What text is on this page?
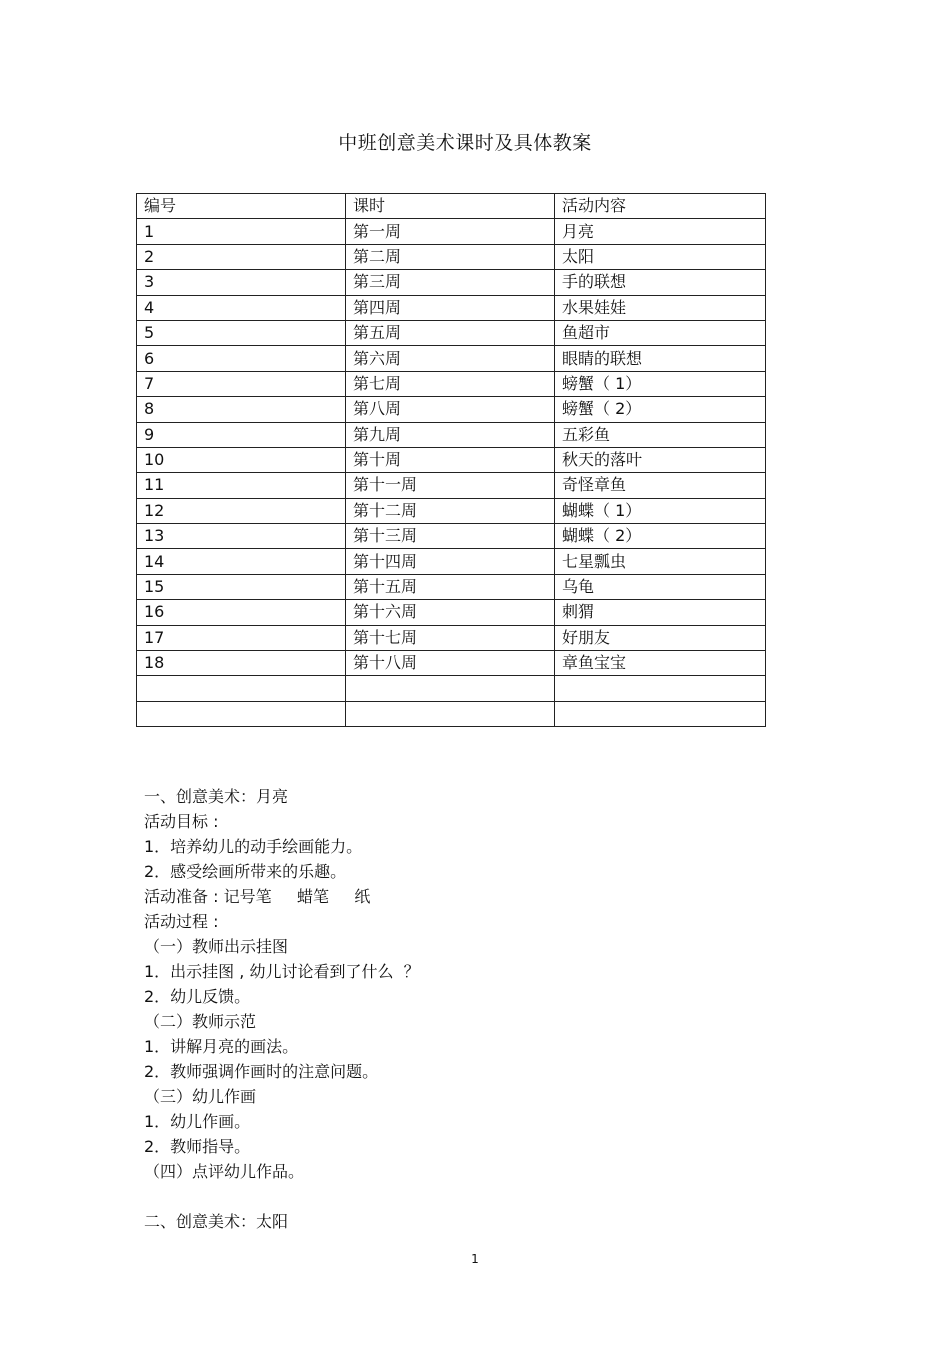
中班创意美术课时及具体教案
编号	课时	活动内容
1	第一周	月亮
2	第二周	太阳
3	第三周	手的联想
4	第四周	水果娃娃
5	第五周	鱼超市
6	第六周	眼睛的联想
7	第七周	螃蟹（ 1）
8	第八周	螃蟹（ 2）
9	第九周	五彩鱼
10	第十周	秋天的落叶
11	第十一周	奇怪章鱼
12	第十二周	蝴蝶（ 1）
13	第十三周	蝴蝶（ 2）
14	第十四周	七星瓢虫
15	第十五周	乌龟
16	第十六周	刺猬
17	第十七周	好朋友
18	第十八周	章鱼宝宝

一、创意美术：月亮
活动目标 :
1．培养幼儿的动手绘画能力。
2．感受绘画所带来的乐趣。
活动准备 : 记号笔     蜡笔     纸
活动过程 :
（一）教师出示挂图
1．出示挂图 , 幼儿讨论看到了什么  ？
2．幼儿反馈。
（二）教师示范
1．讲解月亮的画法。
2．教师强调作画时的注意问题。
（三）幼儿作画
1．幼儿作画。
2．教师指导。
（四）点评幼儿作品。
二、创意美术：太阳
1
